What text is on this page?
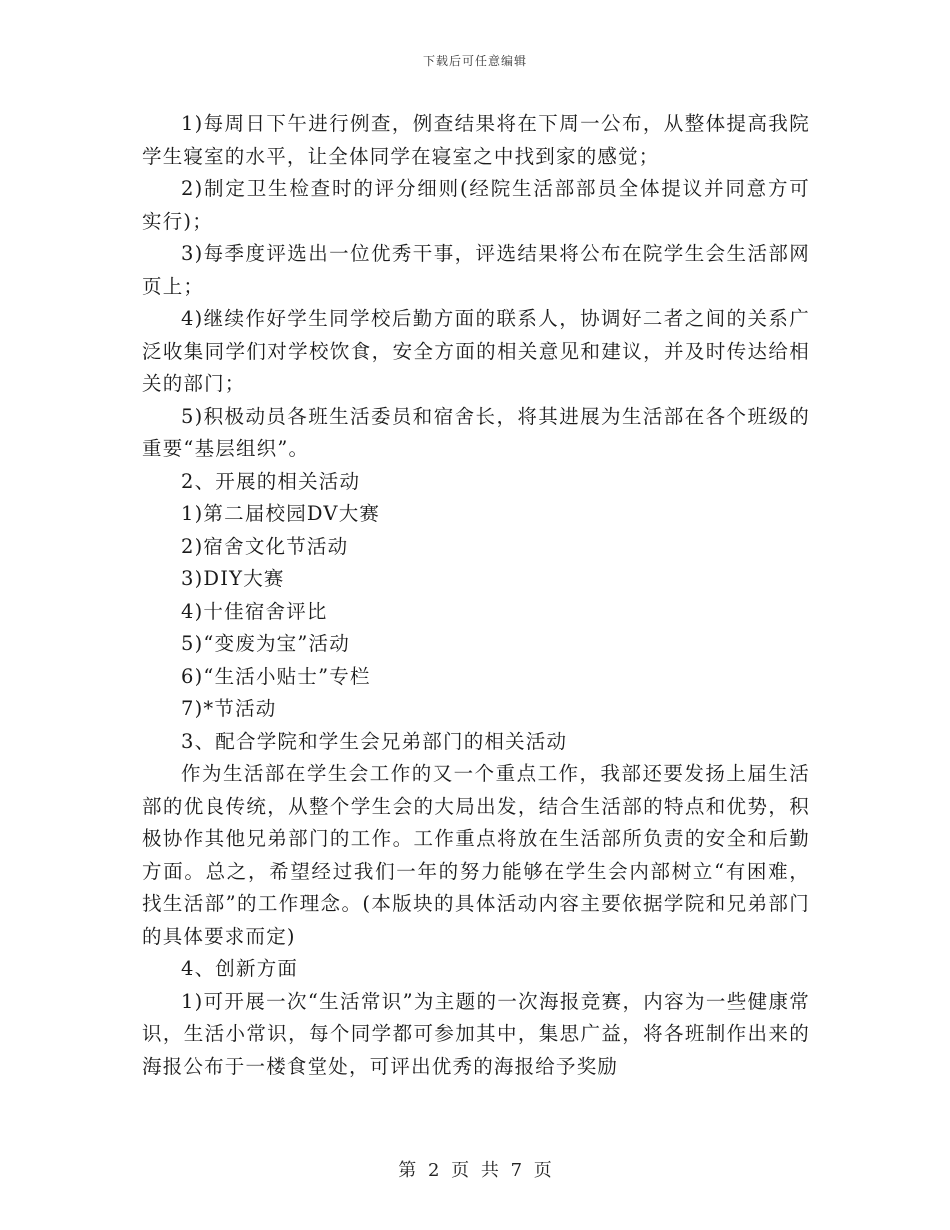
下载后可任意编辑

1)每周日下午进行例查，例查结果将在下周一公布，从整体提高我院学生寝室的水平，让全体同学在寝室之中找到家的感觉；

2)制定卫生检查时的评分细则(经院生活部部员全体提议并同意方可实行)；

3)每季度评选出一位优秀干事，评选结果将公布在院学生会生活部网页上；

4)继续作好学生同学校后勤方面的联系人，协调好二者之间的关系广泛收集同学们对学校饮食，安全方面的相关意见和建议，并及时传达给相关的部门；

5)积极动员各班生活委员和宿舍长，将其进展为生活部在各个班级的重要“基层组织”。

2、开展的相关活动

1)第二届校园DV大赛

2)宿舍文化节活动

3)DIY大赛

4)十佳宿舍评比

5)“变废为宝”活动

6)“生活小贴士”专栏

7)*节活动

3、配合学院和学生会兄弟部门的相关活动

作为生活部在学生会工作的又一个重点工作，我部还要发扬上届生活部的优良传统，从整个学生会的大局出发，结合生活部的特点和优势，积极协作其他兄弟部门的工作。工作重点将放在生活部所负责的安全和后勤方面。总之，希望经过我们一年的努力能够在学生会内部树立“有困难，找生活部”的工作理念。(本版块的具体活动内容主要依据学院和兄弟部门的具体要求而定)

4、创新方面

1)可开展一次“生活常识”为主题的一次海报竞赛，内容为一些健康常识，生活小常识，每个同学都可参加其中，集思广益，将各班制作出来的海报公布于一楼食堂处，可评出优秀的海报给予奖励

第 2 页 共 7 页
